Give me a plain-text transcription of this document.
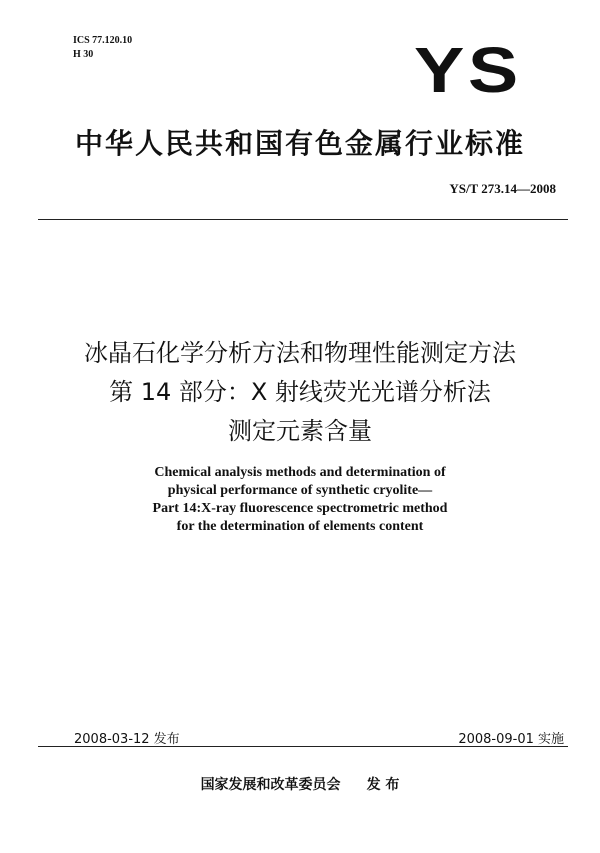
ICS 77.120.10
H 30	YS
中华人民共和国有色金属行业标准
YS/T 273.14—2008
冰晶石化学分析方法和物理性能测定方法
第 14 部分：X 射线荧光光谱分析法
测定元素含量
Chemical analysis methods and determination of
physical performance of synthetic cryolite—
Part 14:X-ray fluorescence spectrometric method
for the determination of elements content
2008-03-12 发布	2008-09-01 实施
国家发展和改革委员会 发 布
